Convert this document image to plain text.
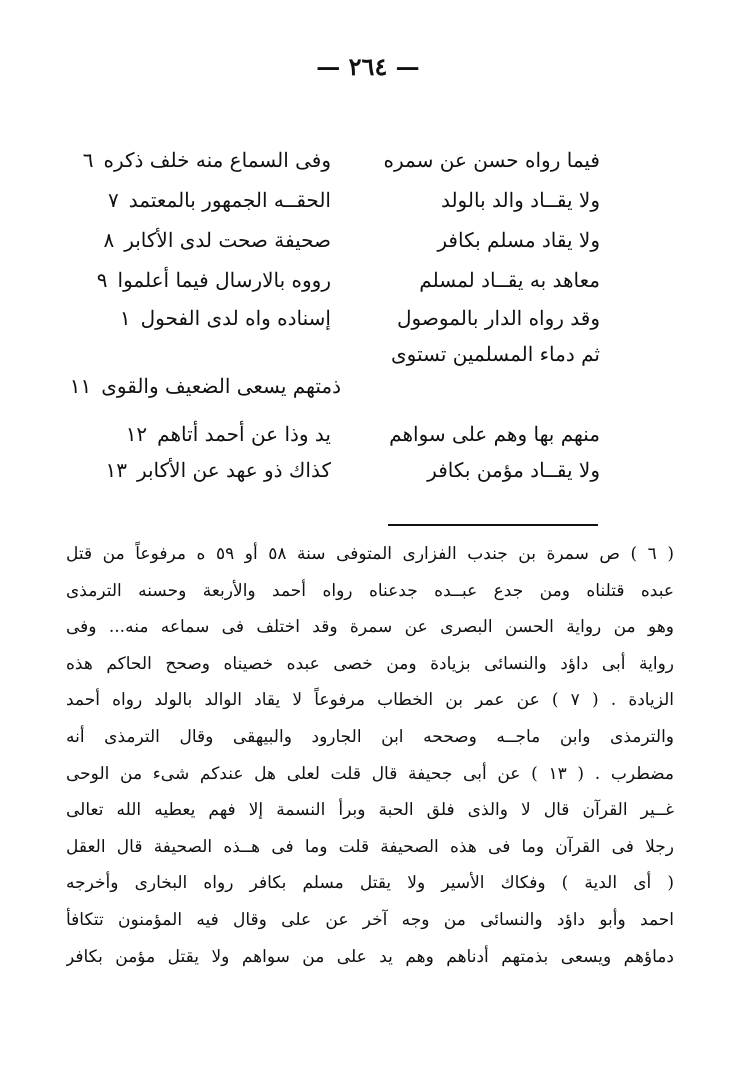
— ٢٦٤ —
فيما رواه حسن عن سمره
وفى السماع منه خلف ذكره٦
ولا يقــاد والد بالولد
الحقــه الجمهور بالمعتمد٧
ولا يقاد مسلم بكافر
صحيفة صحت لدى الأكابر٨
معاهد به يقــاد لمسلم
رووه بالارسال فيما أعلموا٩
وقد رواه الدار بالموصول
إسناده واه لدى الفحول١
ثم دماء المسلمين تستوى
ذمتهم يسعى الضعيف والقوى١١
منهم بها وهم على سواهم
يد وذا عن أحمد أتاهم١٢
ولا يقــاد مؤمن بكافر
كذاك ذو عهد عن الأكابر١٣
( ٦ ) ص سمرة بن جندب الفزارى المتوفى سنة ٥٨ أو ٥٩ ه مرفوعاً من قتل
عبده قتلناه ومن جدع عبــده جدعناه رواه أحمد والأربعة وحسنه الترمذى
وهو من رواية الحسن البصرى عن سمرة وقد اختلف فى سماعه منه... وفى
رواية أبى داؤد والنسائى بزيادة ومن خصى عبده خصيناه وصحح الحاكم هذه
الزيادة . ( ٧ ) عن عمر بن الخطاب مرفوعاً لا يقاد الوالد بالولد رواه أحمد
والترمذى وابن ماجــه وصححه ابن الجارود والبيهقى وقال الترمذى أنه
مضطرب . ( ١٣ ) عن أبى جحيفة قال قلت لعلى هل عندكم شىء من الوحى
غــير القرآن قال لا والذى فلق الحبة وبرأ النسمة إلا فهم يعطيه الله تعالى
رجلا فى القرآن وما فى هذه الصحيفة قلت وما فى هــذه الصحيفة قال العقل
( أى الدية ) وفكاك الأسير ولا يقتل مسلم بكافر رواه البخارى وأخرجه
احمد وأبو داؤد والنسائى من وجه آخر عن على وقال فيه المؤمنون تتكافأ
دماؤهم ويسعى بذمتهم أدناهم وهم يد على من سواهم ولا يقتل مؤمن بكافر
